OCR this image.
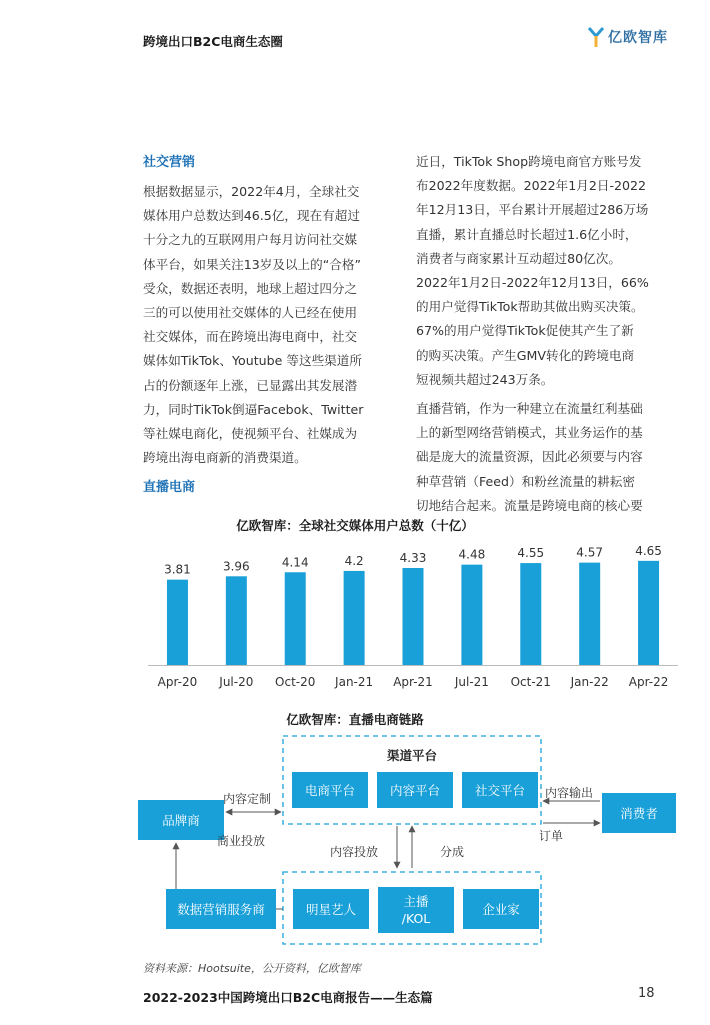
跨境出口B2C电商生态圈	亿欧智库
社交营销
根据数据显示，2022年4月，全球社交
媒体用户总数达到46.5亿，现在有超过
十分之九的互联网用户每月访问社交媒
体平台，如果关注13岁及以上的“合格”
受众，数据还表明，地球上超过四分之
三的可以使用社交媒体的人已经在使用
社交媒体，而在跨境出海电商中，社交
媒体如TikTok、Youtube 等这些渠道所
占的份额逐年上涨，已显露出其发展潜
力，同时TikTok倒逼Facebok、Twitter
等社媒电商化，使视频平台、社媒成为
跨境出海电商新的消费渠道。
直播电商
近日，TikTok Shop跨境电商官方账号发
布2022年度数据。2022年1月2日-2022
年12月13日，平台累计开展超过286万场
直播，累计直播总时长超过1.6亿小时，
消费者与商家累计互动超过80亿次。
2022年1月2日-2022年12月13日，66%
的用户觉得TikTok帮助其做出购买决策。
67%的用户觉得TikTok促使其产生了新
的购买决策。产生GMV转化的跨境电商
短视频共超过243万条。
直播营销，作为一种建立在流量红利基础
上的新型网络营销模式，其业务运作的基
础是庞大的流量资源，因此必须要与内容
种草营销（Feed）和粉丝流量的耕耘密
切地结合起来。流量是跨境电商的核心要
亿欧智库：全球社交媒体用户总数（十亿）
3.81
Apr-20
3.96
Jul-20
4.14
Oct-20
4.2
Jan-21
4.33
Apr-21
4.48
Jul-21
4.55
Oct-21
4.57
Jan-22
4.65
Apr-22
亿欧智库：直播电商链路
渠道平台
电商平台	内容平台	社交平台
品牌商	消费者
数据营销服务商	明星艺人
主播
/KOL
企业家
内容定制
商业投放
内容输出
订单
内容投放	分成
资料来源：Hootsuite，公开资料，亿欧智库
2022-2023中国跨境出口B2C电商报告——生态篇	18
